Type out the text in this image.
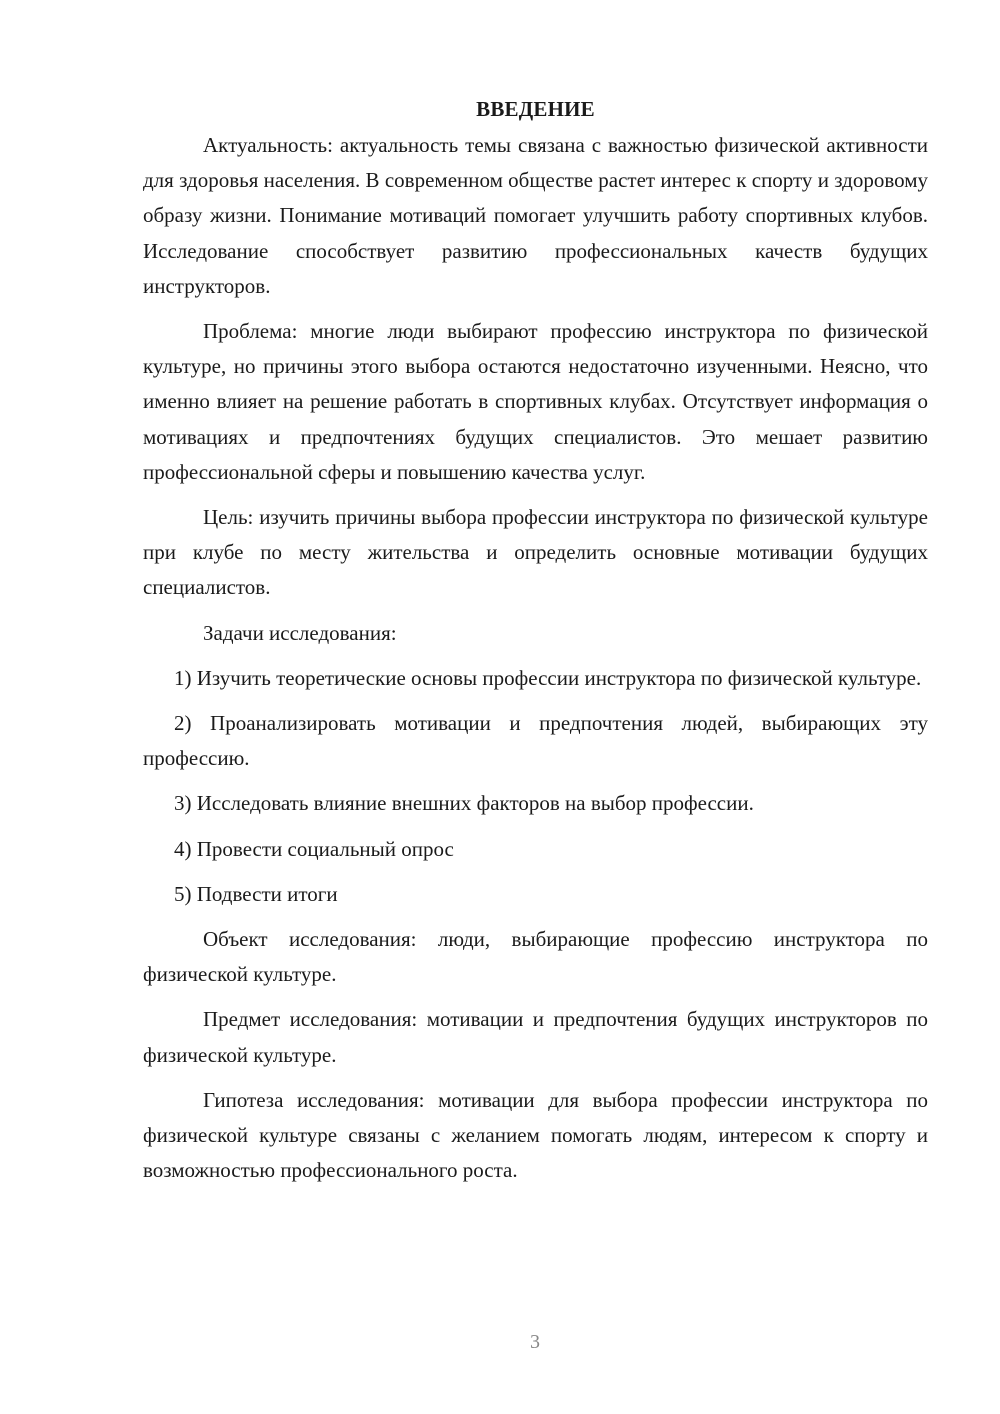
ВВЕДЕНИЕ

Актуальность: актуальность темы связана с важностью физической активности для здоровья населения. В современном обществе растет интерес к спорту и здоровому образу жизни. Понимание мотиваций помогает улучшить работу спортивных клубов. Исследование способствует развитию профессиональных качеств будущих инструкторов.

Проблема: многие люди выбирают профессию инструктора по физической культуре, но причины этого выбора остаются недостаточно изученными. Неясно, что именно влияет на решение работать в спортивных клубах. Отсутствует информация о мотивациях и предпочтениях будущих специалистов. Это мешает развитию профессиональной сферы и повышению качества услуг.

Цель: изучить причины выбора профессии инструктора по физической культуре при клубе по месту жительства и определить основные мотивации будущих специалистов.

Задачи исследования:

1) Изучить теоретические основы профессии инструктора по физической культуре.

2) Проанализировать мотивации и предпочтения людей, выбирающих эту профессию.

3) Исследовать влияние внешних факторов на выбор профессии.

4) Провести социальный опрос

5) Подвести итоги

Объект исследования: люди, выбирающие профессию инструктора по физической культуре.

Предмет исследования: мотивации и предпочтения будущих инструкторов по физической культуре.

Гипотеза исследования: мотивации для выбора профессии инструктора по физической культуре связаны с желанием помогать людям, интересом к спорту и возможностью профессионального роста.

3
